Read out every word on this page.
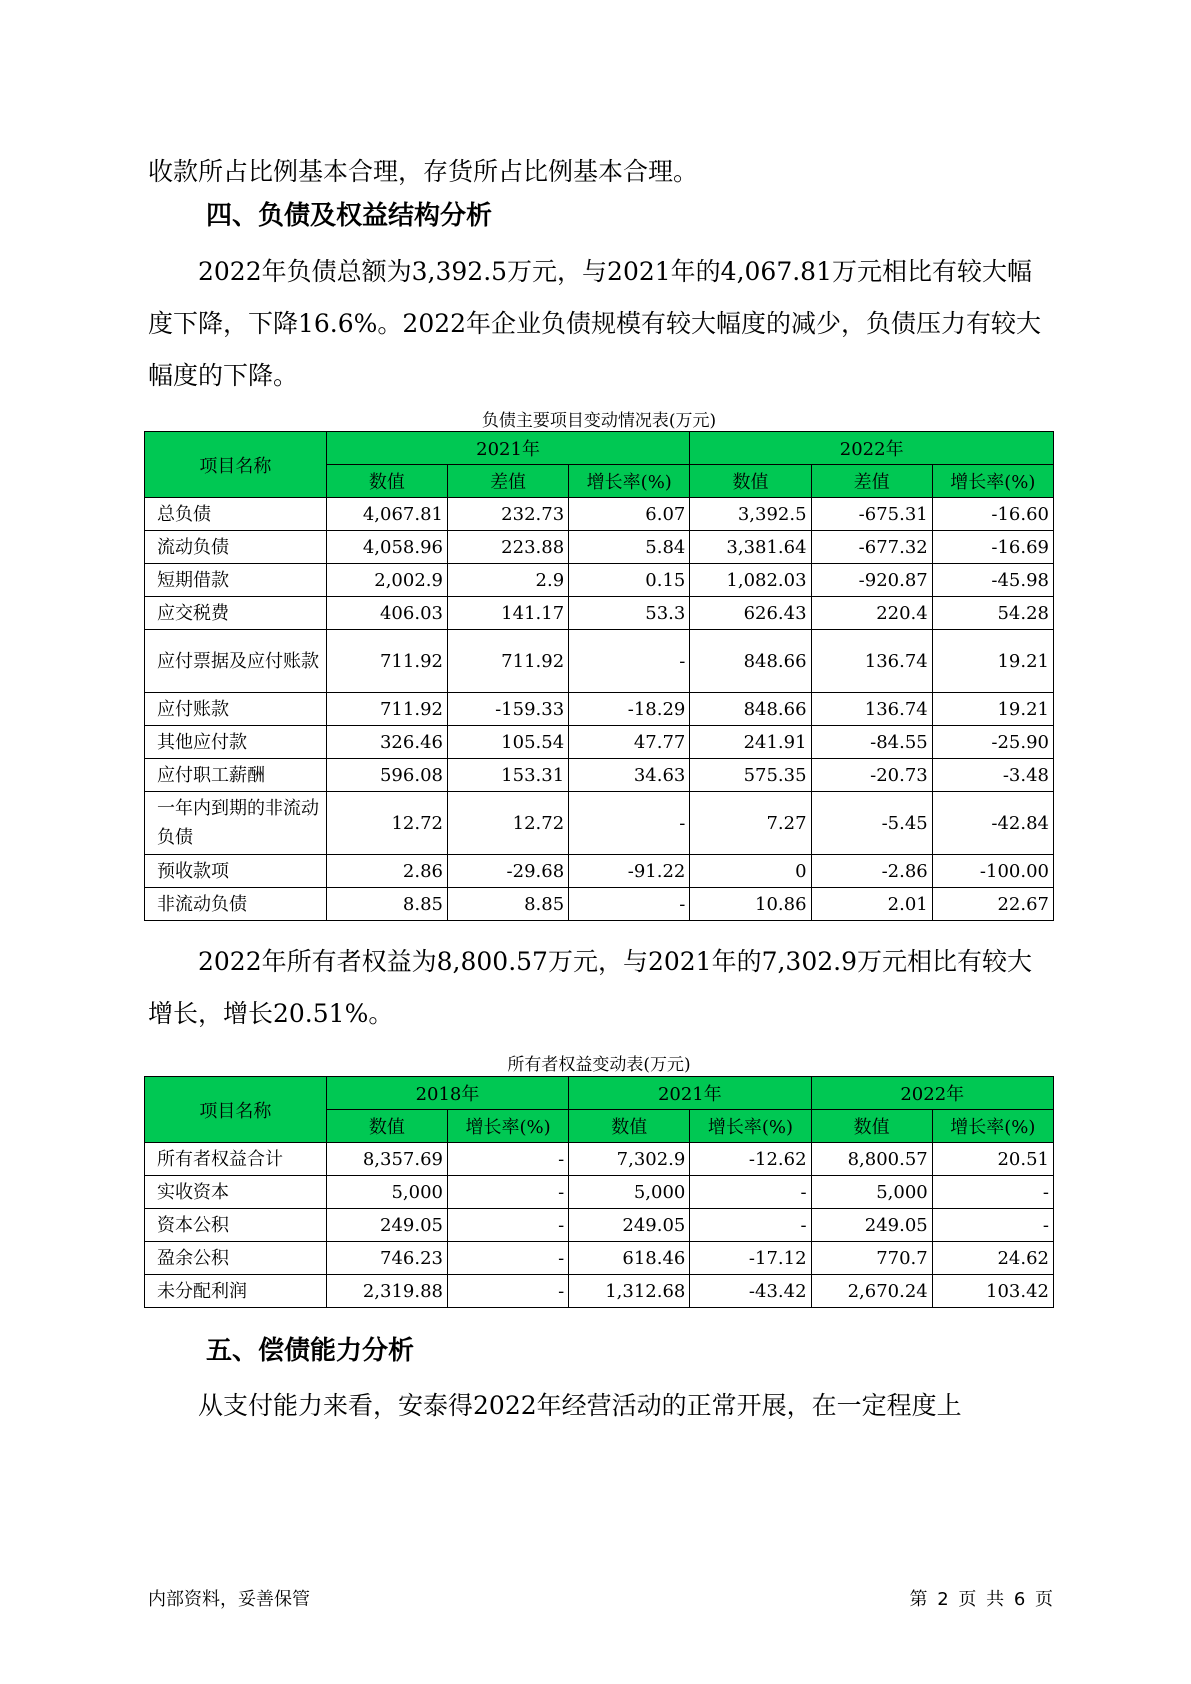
收款所占比例基本合理，存货所占比例基本合理。

四、负债及权益结构分析

2022年负债总额为3,392.5万元，与2021年的4,067.81万元相比有较大幅度下降，下降16.6%。2022年企业负债规模有较大幅度的减少，负债压力有较大幅度的下降。

负债主要项目变动情况表(万元)

项目名称	2021年			2022年		
	数值	差值	增长率(%)	数值	差值	增长率(%)
总负债	4,067.81	232.73	6.07	3,392.5	-675.31	-16.60
流动负债	4,058.96	223.88	5.84	3,381.64	-677.32	-16.69
短期借款	2,002.9	2.9	0.15	1,082.03	-920.87	-45.98
应交税费	406.03	141.17	53.3	626.43	220.4	54.28
应付票据及应付账款	711.92	711.92	-	848.66	136.74	19.21
应付账款	711.92	-159.33	-18.29	848.66	136.74	19.21
其他应付款	326.46	105.54	47.77	241.91	-84.55	-25.90
应付职工薪酬	596.08	153.31	34.63	575.35	-20.73	-3.48
一年内到期的非流动负债	12.72	12.72	-	7.27	-5.45	-42.84
预收款项	2.86	-29.68	-91.22	0	-2.86	-100.00
非流动负债	8.85	8.85	-	10.86	2.01	22.67

2022年所有者权益为8,800.57万元，与2021年的7,302.9万元相比有较大增长，增长20.51%。

所有者权益变动表(万元)

项目名称	2018年		2021年		2022年	
	数值	增长率(%)	数值	增长率(%)	数值	增长率(%)
所有者权益合计	8,357.69	-	7,302.9	-12.62	8,800.57	20.51
实收资本	5,000	-	5,000	-	5,000	-
资本公积	249.05	-	249.05	-	249.05	-
盈余公积	746.23	-	618.46	-17.12	770.7	24.62
未分配利润	2,319.88	-	1,312.68	-43.42	2,670.24	103.42
五、偿债能力分析

从支付能力来看，安泰得2022年经营活动的正常开展，在一定程度上

内部资料，妥善保管	第 2 页 共 6 页
